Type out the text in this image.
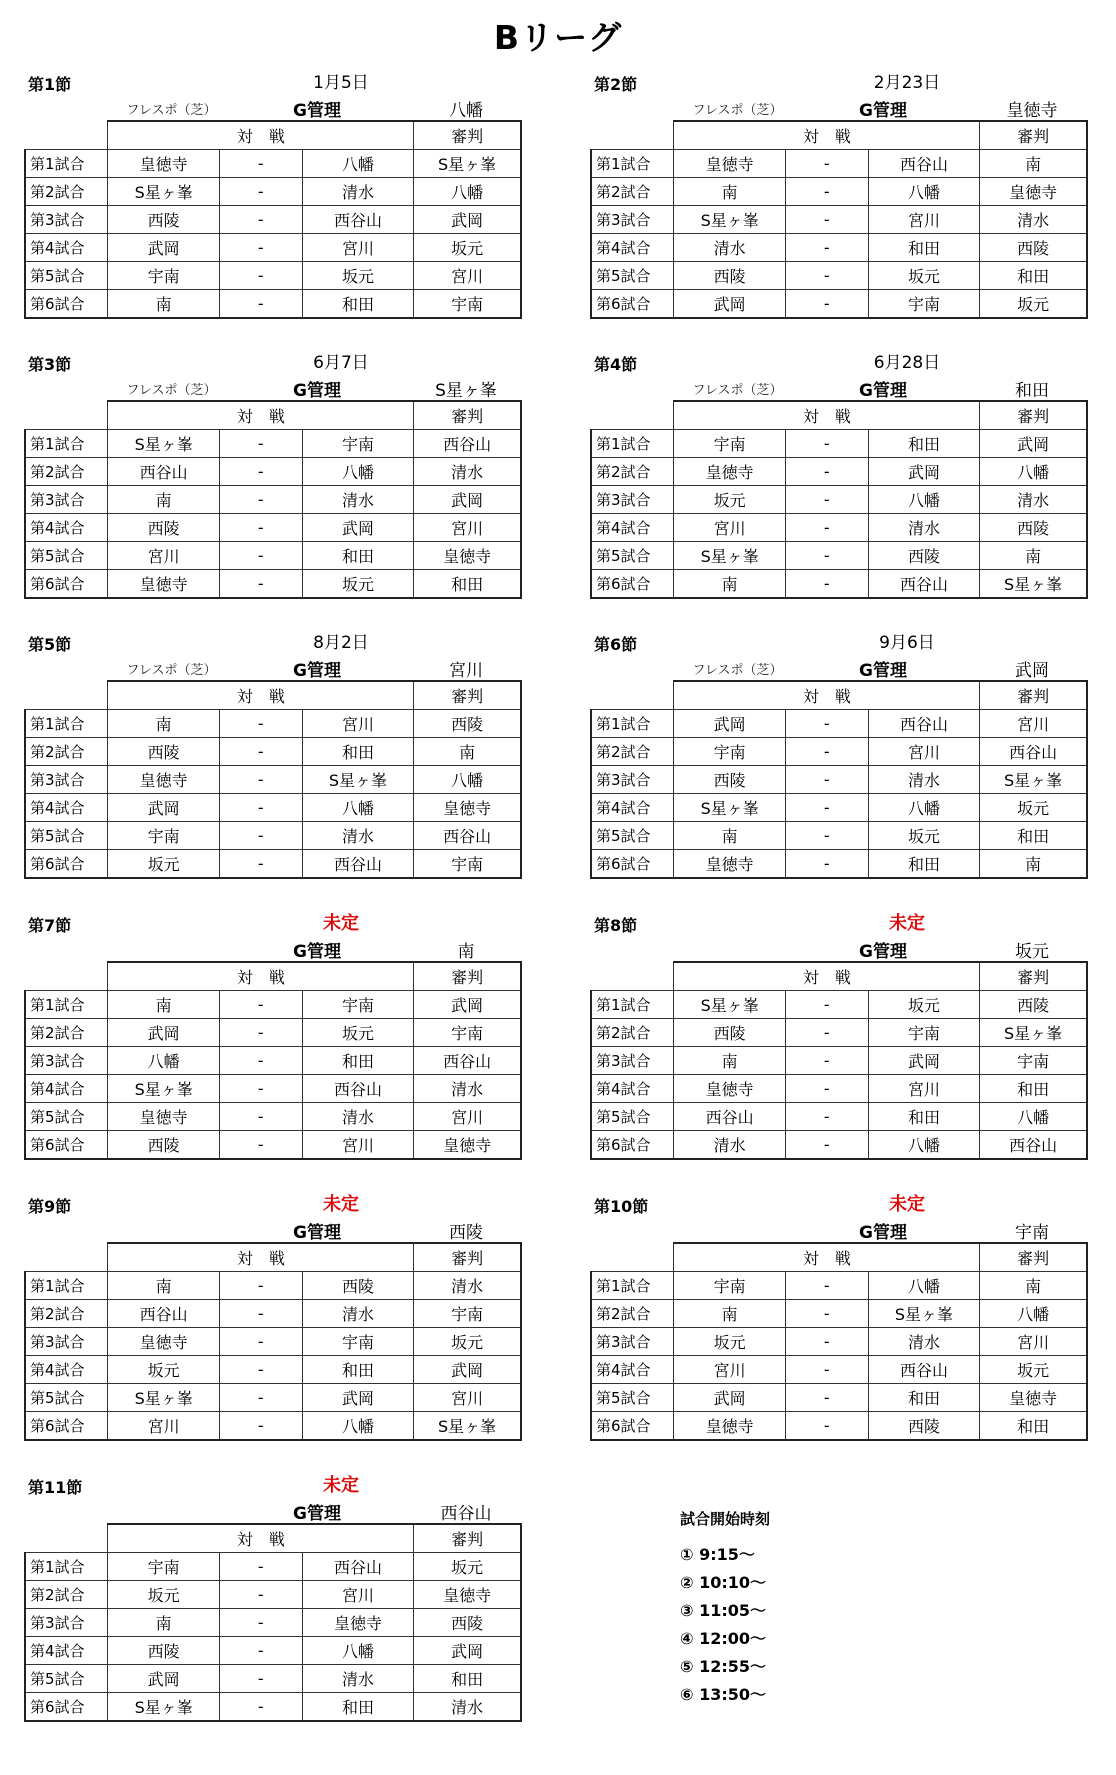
Bリーグ
第1節	1月5日
フレスポ（芝）	G管理	八幡
	対　戦			審判
第1試合	皇徳寺	-	八幡	S星ヶ峯
第2試合	S星ヶ峯	-	清水	八幡
第3試合	西陵	-	西谷山	武岡
第4試合	武岡	-	宮川	坂元
第5試合	宇南	-	坂元	宮川
第6試合	南	-	和田	宇南
第2節	2月23日
フレスポ（芝）	G管理	皇徳寺
	対　戦			審判
第1試合	皇徳寺	-	西谷山	南
第2試合	南	-	八幡	皇徳寺
第3試合	S星ヶ峯	-	宮川	清水
第4試合	清水	-	和田	西陵
第5試合	西陵	-	坂元	和田
第6試合	武岡	-	宇南	坂元
第3節	6月7日
フレスポ（芝）	G管理	S星ヶ峯
	対　戦			審判
第1試合	S星ヶ峯	-	宇南	西谷山
第2試合	西谷山	-	八幡	清水
第3試合	南	-	清水	武岡
第4試合	西陵	-	武岡	宮川
第5試合	宮川	-	和田	皇徳寺
第6試合	皇徳寺	-	坂元	和田
第4節	6月28日
フレスポ（芝）	G管理	和田
	対　戦			審判
第1試合	宇南	-	和田	武岡
第2試合	皇徳寺	-	武岡	八幡
第3試合	坂元	-	八幡	清水
第4試合	宮川	-	清水	西陵
第5試合	S星ヶ峯	-	西陵	南
第6試合	南	-	西谷山	S星ヶ峯
第5節	8月2日
フレスポ（芝）	G管理	宮川
	対　戦			審判
第1試合	南	-	宮川	西陵
第2試合	西陵	-	和田	南
第3試合	皇徳寺	-	S星ヶ峯	八幡
第4試合	武岡	-	八幡	皇徳寺
第5試合	宇南	-	清水	西谷山
第6試合	坂元	-	西谷山	宇南
第6節	9月6日
フレスポ（芝）	G管理	武岡
	対　戦			審判
第1試合	武岡	-	西谷山	宮川
第2試合	宇南	-	宮川	西谷山
第3試合	西陵	-	清水	S星ヶ峯
第4試合	S星ヶ峯	-	八幡	坂元
第5試合	南	-	坂元	和田
第6試合	皇徳寺	-	和田	南
第7節	未定
G管理	南
	対　戦			審判
第1試合	南	-	宇南	武岡
第2試合	武岡	-	坂元	宇南
第3試合	八幡	-	和田	西谷山
第4試合	S星ヶ峯	-	西谷山	清水
第5試合	皇徳寺	-	清水	宮川
第6試合	西陵	-	宮川	皇徳寺
第8節	未定
G管理	坂元
	対　戦			審判
第1試合	S星ヶ峯	-	坂元	西陵
第2試合	西陵	-	宇南	S星ヶ峯
第3試合	南	-	武岡	宇南
第4試合	皇徳寺	-	宮川	和田
第5試合	西谷山	-	和田	八幡
第6試合	清水	-	八幡	西谷山
第9節	未定
G管理	西陵
	対　戦			審判
第1試合	南	-	西陵	清水
第2試合	西谷山	-	清水	宇南
第3試合	皇徳寺	-	宇南	坂元
第4試合	坂元	-	和田	武岡
第5試合	S星ヶ峯	-	武岡	宮川
第6試合	宮川	-	八幡	S星ヶ峯
第10節	未定
G管理	宇南
	対　戦			審判
第1試合	宇南	-	八幡	南
第2試合	南	-	S星ヶ峯	八幡
第3試合	坂元	-	清水	宮川
第4試合	宮川	-	西谷山	坂元
第5試合	武岡	-	和田	皇徳寺
第6試合	皇徳寺	-	西陵	和田
第11節	未定
G管理	西谷山
	対　戦			審判
第1試合	宇南	-	西谷山	坂元
第2試合	坂元	-	宮川	皇徳寺
第3試合	南	-	皇徳寺	西陵
第4試合	西陵	-	八幡	武岡
第5試合	武岡	-	清水	和田
第6試合	S星ヶ峯	-	和田	清水
試合開始時刻
① 9:15～
② 10:10～
③ 11:05～
④ 12:00～
⑤ 12:55～
⑥ 13:50～
